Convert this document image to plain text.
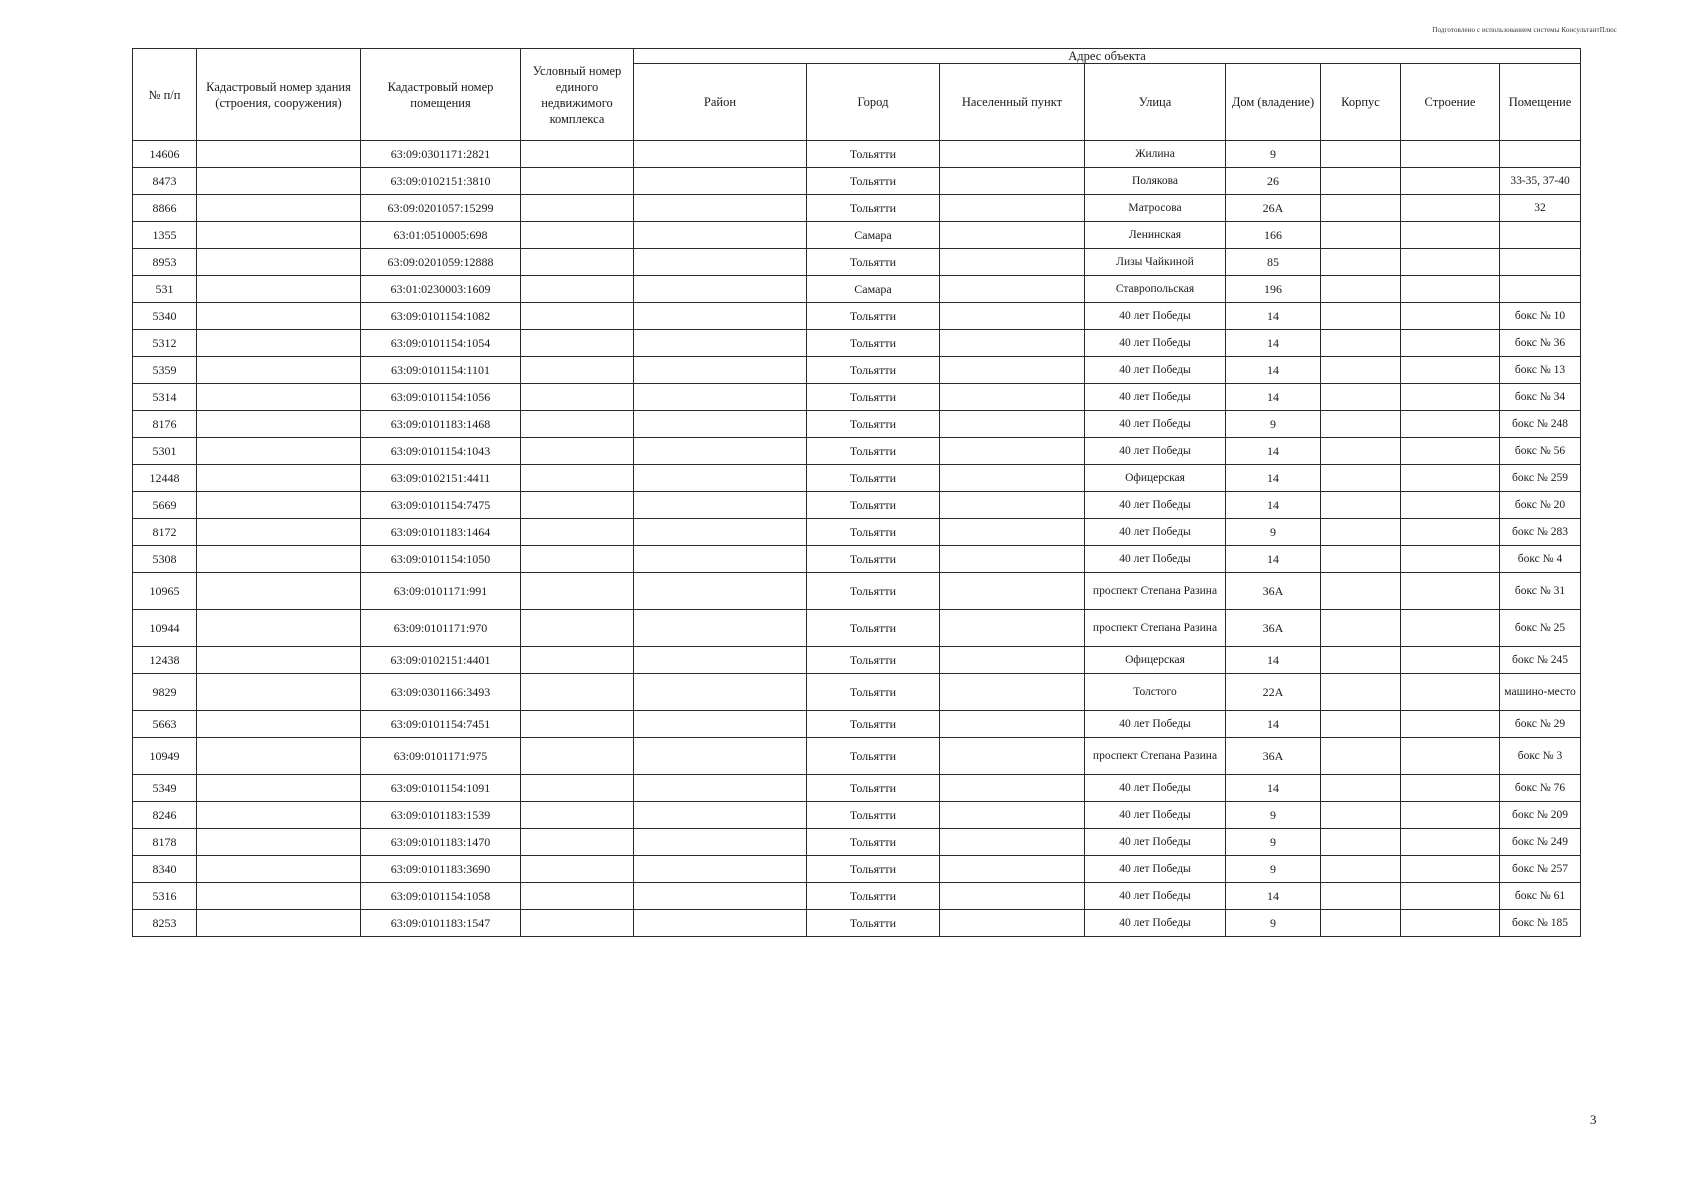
Подготовлено с использованием системы КонсультантПлюс
№ п/п	Кадастровый номер здания (строения, сооружения)	Кадастровый номер помещения	Условный номер единого недвижимого комплекса	Адрес объекта							
				Район	Город	Населенный пункт	Улица	Дом (владение)	Корпус	Строение	Помещение
14606		63:09:0301171:2821			Тольятти		Жилина	9			
8473		63:09:0102151:3810			Тольятти		Полякова	26			33-35, 37-40
8866		63:09:0201057:15299			Тольятти		Матросова	26А			32
1355		63:01:0510005:698			Самара		Ленинская	166			
8953		63:09:0201059:12888			Тольятти		Лизы Чайкиной	85			
531		63:01:0230003:1609			Самара		Ставропольская	196			
5340		63:09:0101154:1082			Тольятти		40 лет Победы	14			бокс № 10
5312		63:09:0101154:1054			Тольятти		40 лет Победы	14			бокс № 36
5359		63:09:0101154:1101			Тольятти		40 лет Победы	14			бокс № 13
5314		63:09:0101154:1056			Тольятти		40 лет Победы	14			бокс № 34
8176		63:09:0101183:1468			Тольятти		40 лет Победы	9			бокс № 248
5301		63:09:0101154:1043			Тольятти		40 лет Победы	14			бокс № 56
12448		63:09:0102151:4411			Тольятти		Офицерская	14			бокс № 259
5669		63:09:0101154:7475			Тольятти		40 лет Победы	14			бокс № 20
8172		63:09:0101183:1464			Тольятти		40 лет Победы	9			бокс № 283
5308		63:09:0101154:1050			Тольятти		40 лет Победы	14			бокс № 4
10965		63:09:0101171:991			Тольятти		проспект Степана Разина	36А			бокс № 31
10944		63:09:0101171:970			Тольятти		проспект Степана Разина	36А			бокс № 25
12438		63:09:0102151:4401			Тольятти		Офицерская	14			бокс № 245
9829		63:09:0301166:3493			Тольятти		Толстого	22А			машино-место
5663		63:09:0101154:7451			Тольятти		40 лет Победы	14			бокс № 29
10949		63:09:0101171:975			Тольятти		проспект Степана Разина	36А			бокс № 3
5349		63:09:0101154:1091			Тольятти		40 лет Победы	14			бокс № 76
8246		63:09:0101183:1539			Тольятти		40 лет Победы	9			бокс № 209
8178		63:09:0101183:1470			Тольятти		40 лет Победы	9			бокс № 249
8340		63:09:0101183:3690			Тольятти		40 лет Победы	9			бокс № 257
5316		63:09:0101154:1058			Тольятти		40 лет Победы	14			бокс № 61
8253		63:09:0101183:1547			Тольятти		40 лет Победы	9			бокс № 185
3
